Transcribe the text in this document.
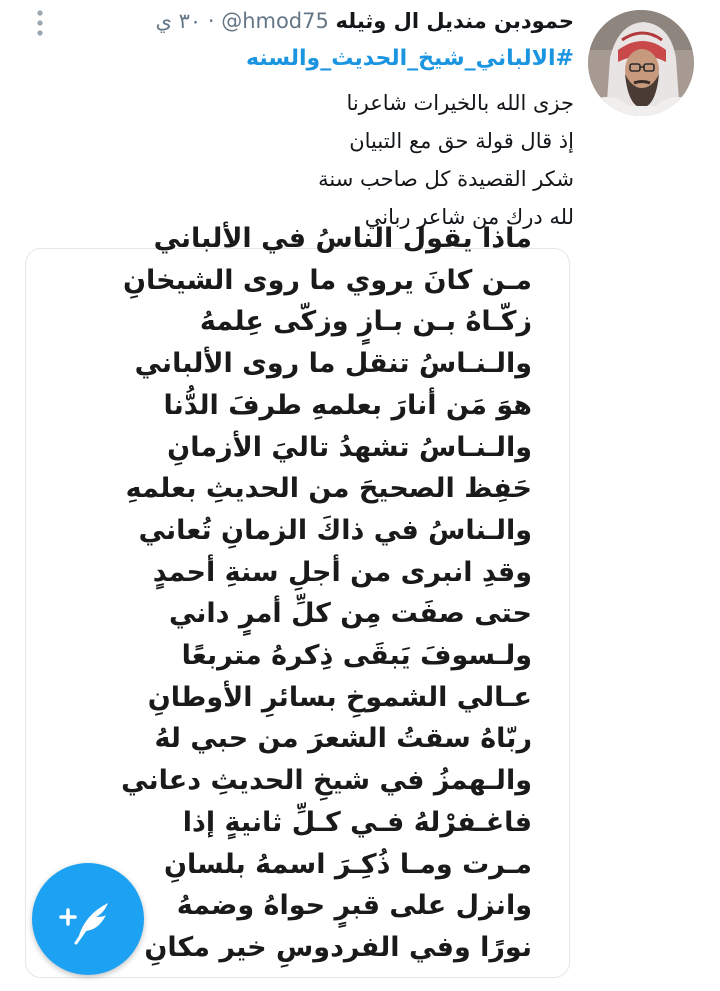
حمودبن منديل ال وثيله @hmod75 · ٣٠ ي
#الالباني_شيخ_الحديث_والسنه
جزى الله بالخيرات شاعرنا
إذ قال قولة حق مع التبيان
شكر القصيدة كل صاحب سنة
لله درك من شاعر رباني
ماذا يقول الناسُ في الألباني
مـن كانَ يروي ما روى الشيخانِ
زكّـاهُ بـن بـازٍ وزكّى عِلمهُ
والـنـاسُ تنقل ما روى الألباني
هوَ مَن أنارَ بعلمهِ طرفَ الدُّنا
والـنـاسُ تشهدُ تاليَ الأزمانِ
حَفِظ الصحيحَ من الحديثِ بعلمهِ
والـناسُ في ذاكَ الزمانِ تُعاني
وقدِ انبرى من أجلِ سنةِ أحمدٍ
حتى صفَت مِن كلِّ أمرٍ داني
ولـسوفَ يَبقَى ذِكرهُ متربعًا
عـالي الشموخِ بسائرِ الأوطانِ
ربّاهُ سقتُ الشعرَ من حبي لهُ
والـهمزُ في شيخِ الحديثِ دعاني
فاغـفرْلهُ فـي كـلِّ ثانيةٍ إذا
مـرت ومـا ذُكِـرَ اسمهُ بلسانِ
وانزل على قبرٍ حواهُ وضمهُ
نورًا وفي الفردوسِ خير مكانِ
